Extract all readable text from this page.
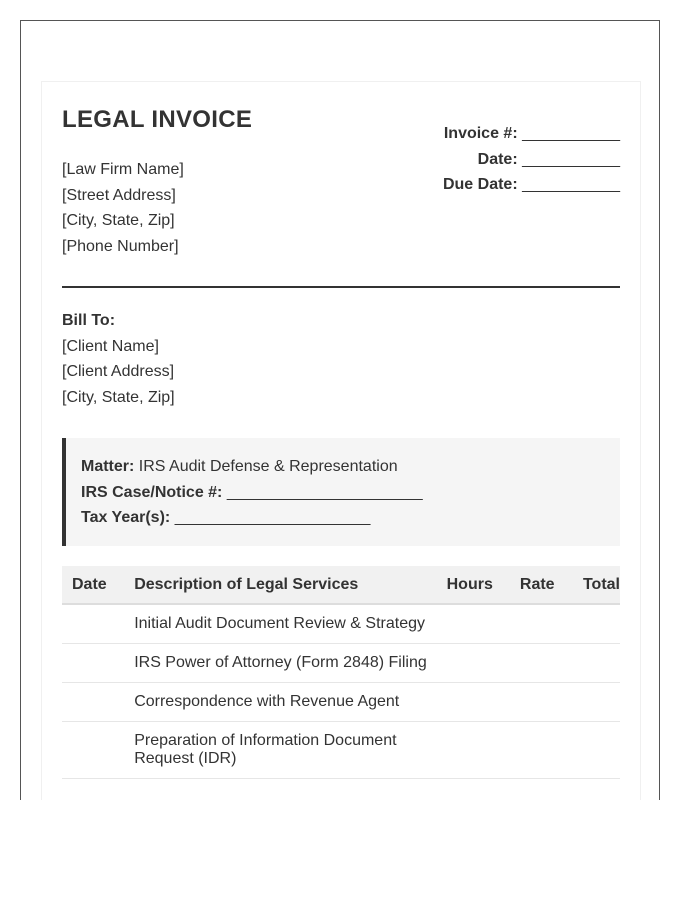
LEGAL INVOICE
[Law Firm Name]
[Street Address]
[City, State, Zip]
[Phone Number]
Invoice #: ___________
Date: ___________
Due Date: ___________
Bill To:
[Client Name]
[Client Address]
[City, State, Zip]
Matter: IRS Audit Defense & Representation
IRS Case/Notice #: ______________________
Tax Year(s): ______________________
Date	Description of Legal Services	Hours	Rate	Total
	Initial Audit Document Review & Strategy			
	IRS Power of Attorney (Form 2848) Filing			
	Correspondence with Revenue Agent			
	Preparation of Information Document Request (IDR)			
